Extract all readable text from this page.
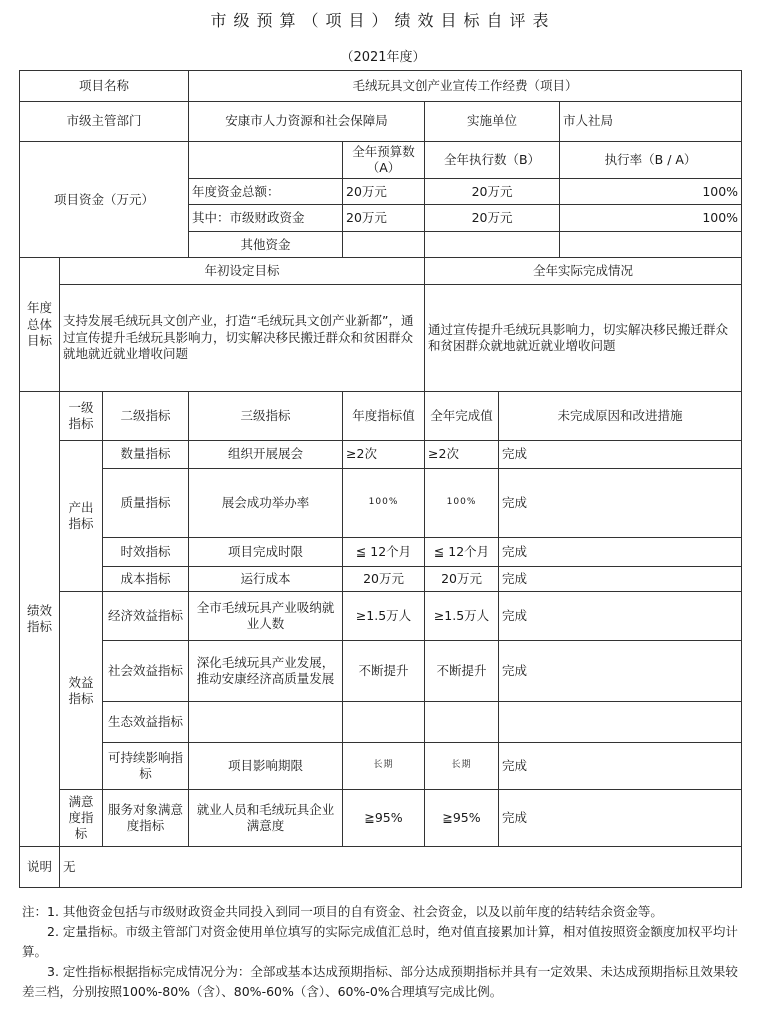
市级预算（项目）绩效目标自评表
（2021年度）
项目名称			毛绒玩具文创产业宣传工作经费（项目）				
市级主管部门			安康市人力资源和社会保障局		实施单位		市人社局
项目资金（万元）				全年预算数（A）	全年执行数（B）		执行率（B / A）
			年度资金总额：	20万元	20万元		100%
			其中：市级财政资金	20万元	20万元		100%
			其他资金				
年度总体目标	年初设定目标				全年实际完成情况		
	支持发展毛绒玩具文创产业，打造“毛绒玩具文创产业新都”，通过宣传提升毛绒玩具影响力，切实解决移民搬迁群众和贫困群众就地就近就业增收问题				通过宣传提升毛绒玩具影响力，切实解决移民搬迁群众和贫困群众就地就近就业增收问题		
绩效指标	一级指标	二级指标	三级指标	年度指标值	全年完成值	未完成原因和改进措施	
	产出指标	数量指标	组织开展展会	≥2次	≥2次	完成	
		质量指标	展会成功举办率	100%	100%	完成	
		时效指标	项目完成时限	≦ 12个月	≦ 12个月	完成	
		成本指标	运行成本	20万元	20万元	完成	
	效益指标	经济效益指标	全市毛绒玩具产业吸纳就业人数	≥1.5万人	≥1.5万人	完成	
		社会效益指标	深化毛绒玩具产业发展，推动安康经济高质量发展	不断提升	不断提升	完成	
		生态效益指标					
		可持续影响指标	项目影响期限	长期	长期	完成	
	满意度指标	服务对象满意度指标	就业人员和毛绒玩具企业满意度	≧95%	≧95%	完成	
说明	无						

注：1. 其他资金包括与市级财政资金共同投入到同一项目的自有资金、社会资金，以及以前年度的结转结余资金等。

2. 定量指标。市级主管部门对资金使用单位填写的实际完成值汇总时，绝对值直接累加计算，相对值按照资金额度加权平均计算。

3. 定性指标根据指标完成情况分为：全部或基本达成预期指标、部分达成预期指标并具有一定效果、未达成预期指标且效果较差三档，分别按照100%-80%（含）、80%-60%（含）、60%-0%合理填写完成比例。
